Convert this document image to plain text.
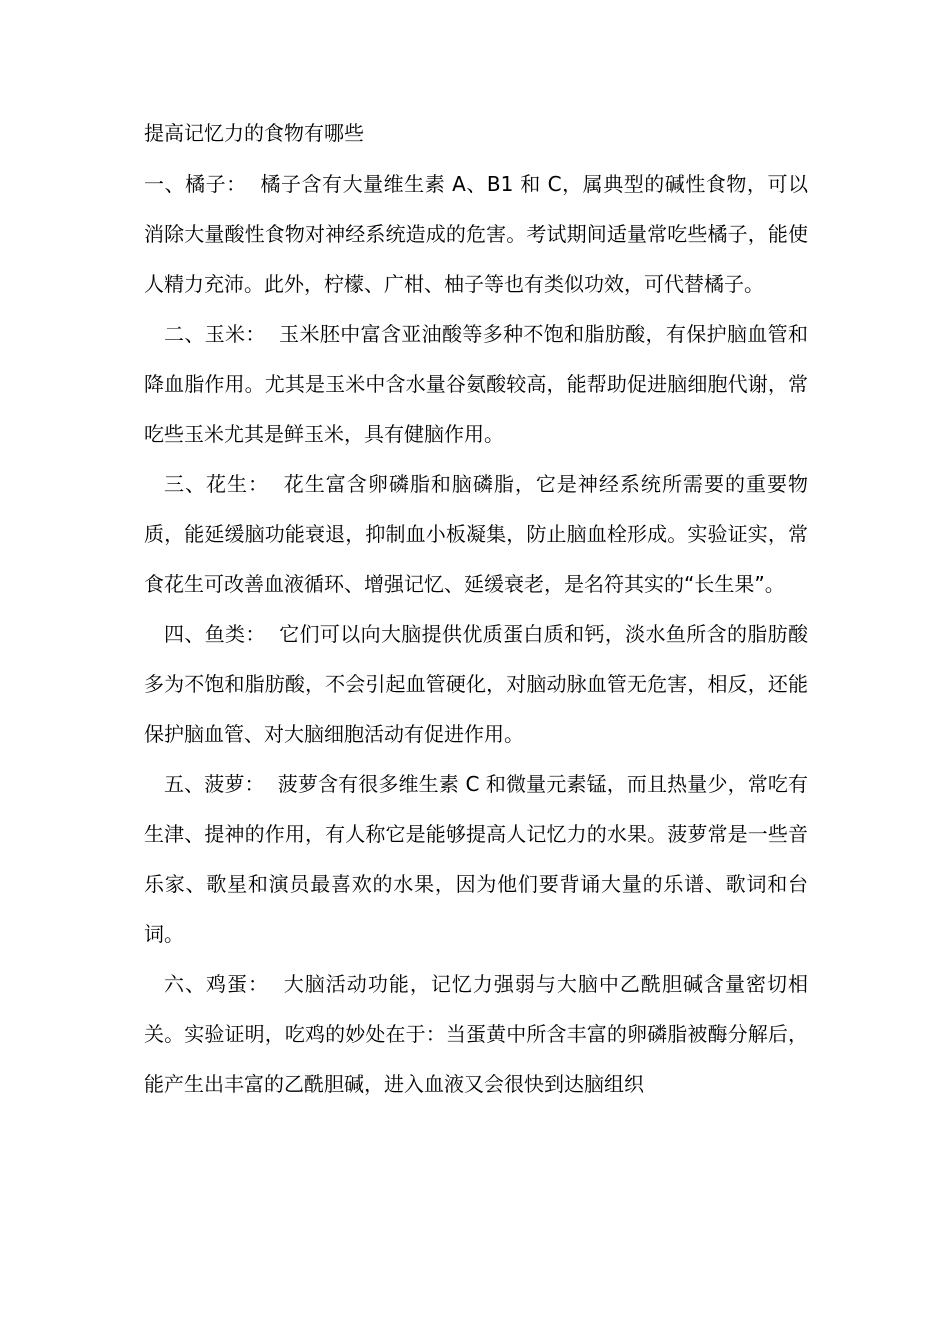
提高记忆力的食物有哪些

一、橘子：  橘子含有大量维生素 A、B1 和 C，属典型的碱性食物，可以消除大量酸性食物对神经系统造成的危害。考试期间适量常吃些橘子，能使人精力充沛。此外，柠檬、广柑、柚子等也有类似功效，可代替橘子。

二、玉米：  玉米胚中富含亚油酸等多种不饱和脂肪酸，有保护脑血管和降血脂作用。尤其是玉米中含水量谷氨酸较高，能帮助促进脑细胞代谢，常吃些玉米尤其是鲜玉米，具有健脑作用。

三、花生：  花生富含卵磷脂和脑磷脂，它是神经系统所需要的重要物质，能延缓脑功能衰退，抑制血小板凝集，防止脑血栓形成。实验证实，常食花生可改善血液循环、增强记忆、延缓衰老，是名符其实的“长生果”。

四、鱼类：  它们可以向大脑提供优质蛋白质和钙，淡水鱼所含的脂肪酸多为不饱和脂肪酸，不会引起血管硬化，对脑动脉血管无危害，相反，还能保护脑血管、对大脑细胞活动有促进作用。

五、菠萝：  菠萝含有很多维生素 C 和微量元素锰，而且热量少，常吃有生津、提神的作用，有人称它是能够提高人记忆力的水果。菠萝常是一些音乐家、歌星和演员最喜欢的水果，因为他们要背诵大量的乐谱、歌词和台词。

六、鸡蛋：  大脑活动功能，记忆力强弱与大脑中乙酰胆碱含量密切相关。实验证明，吃鸡的妙处在于：当蛋黄中所含丰富的卵磷脂被酶分解后，能产生出丰富的乙酰胆碱，进入血液又会很快到达脑组织
